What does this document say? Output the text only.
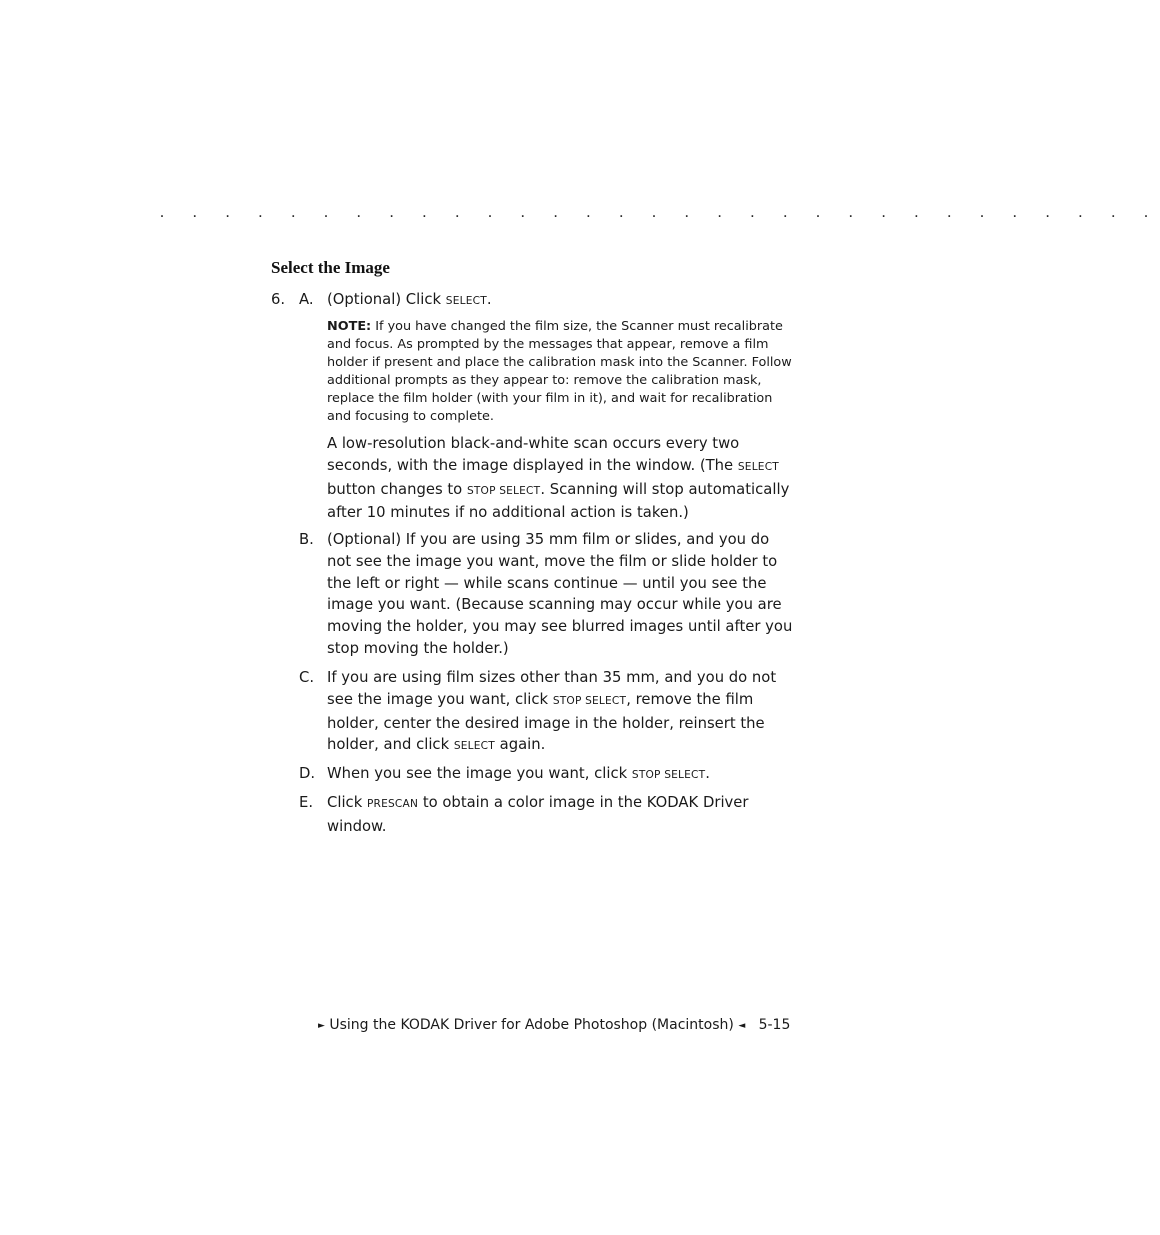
. . . . . . . . . . . . . . . . . . . . . . . . . . . . . . .
Select the Image
6. A. (Optional) Click SELECT.
NOTE: If you have changed the film size, the Scanner must recalibrate and focus. As prompted by the messages that appear, remove a film holder if present and place the calibration mask into the Scanner. Follow additional prompts as they appear to: remove the calibration mask, replace the film holder (with your film in it), and wait for recalibration and focusing to complete.
A low-resolution black-and-white scan occurs every two seconds, with the image displayed in the window. (The SELECT button changes to STOP SELECT. Scanning will stop automatically after 10 minutes if no additional action is taken.)
B. (Optional) If you are using 35 mm film or slides, and you do not see the image you want, move the film or slide holder to the left or right — while scans continue — until you see the image you want. (Because scanning may occur while you are moving the holder, you may see blurred images until after you stop moving the holder.)
C. If you are using film sizes other than 35 mm, and you do not see the image you want, click STOP SELECT, remove the film holder, center the desired image in the holder, reinsert the holder, and click SELECT again.
D. When you see the image you want, click STOP SELECT.
E. Click PRESCAN to obtain a color image in the KODAK Driver window.
► Using the KODAK Driver for Adobe Photoshop (Macintosh) ◄ 5-15
